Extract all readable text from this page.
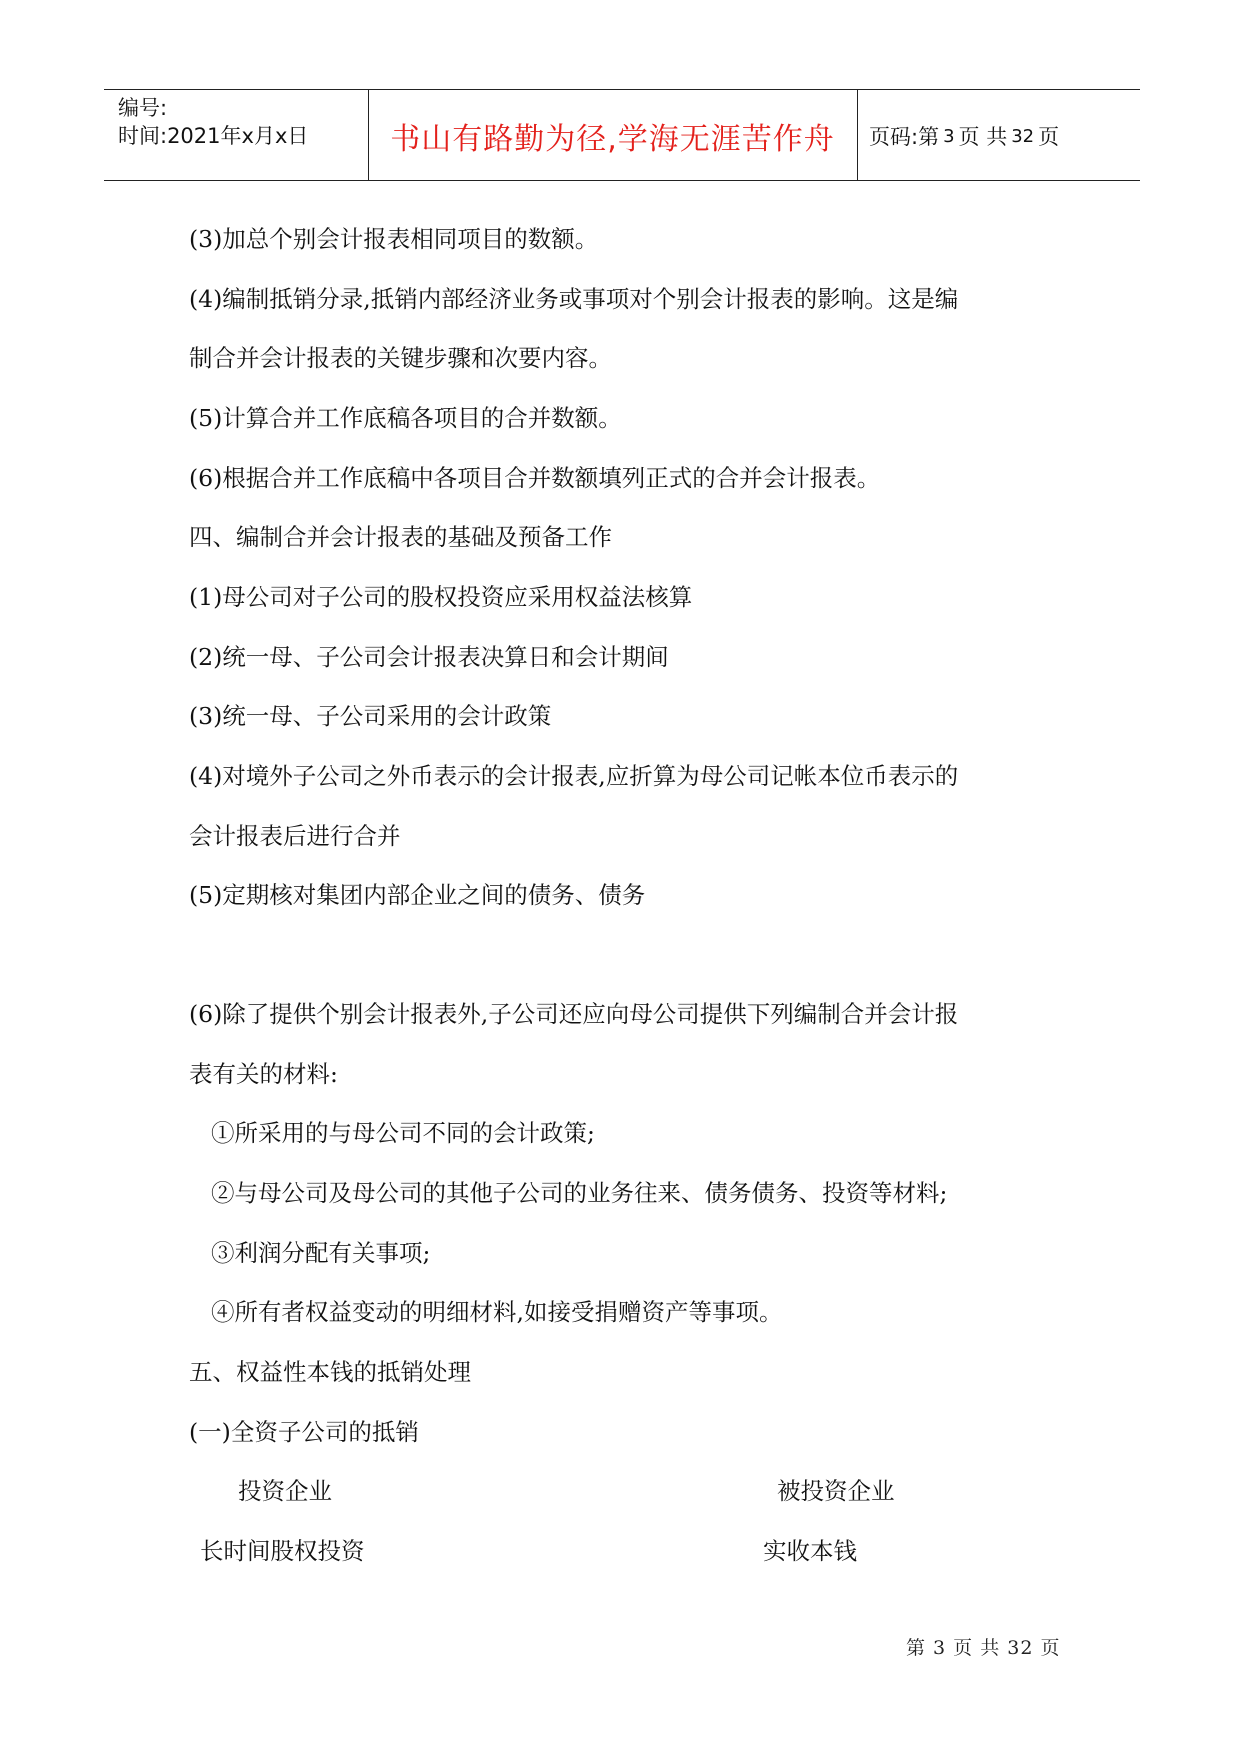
编号:
时间:2021年x月x日	书山有路勤为径,学海无涯苦作舟	页码:第 3 页 共 32 页
(3)加总个别会计报表相同项目的数额。
(4)编制抵销分录,抵销内部经济业务或事项对个别会计报表的影响。这是编
制合并会计报表的关键步骤和次要内容。
(5)计算合并工作底稿各项目的合并数额。
(6)根据合并工作底稿中各项目合并数额填列正式的合并会计报表。
四、编制合并会计报表的基础及预备工作
(1)母公司对子公司的股权投资应采用权益法核算
(2)统一母、子公司会计报表决算日和会计期间
(3)统一母、子公司采用的会计政策
(4)对境外子公司之外币表示的会计报表,应折算为母公司记帐本位币表示的
会计报表后进行合并
(5)定期核对集团内部企业之间的债务、债务
(6)除了提供个别会计报表外,子公司还应向母公司提供下列编制合并会计报
表有关的材料:
①所采用的与母公司不同的会计政策;
②与母公司及母公司的其他子公司的业务往来、债务债务、投资等材料;
③利润分配有关事项;
④所有者权益变动的明细材料,如接受捐赠资产等事项。
五、权益性本钱的抵销处理
(一)全资子公司的抵销
投资企业	被投资企业
长时间股权投资	实收本钱
第 3 页 共 32 页
